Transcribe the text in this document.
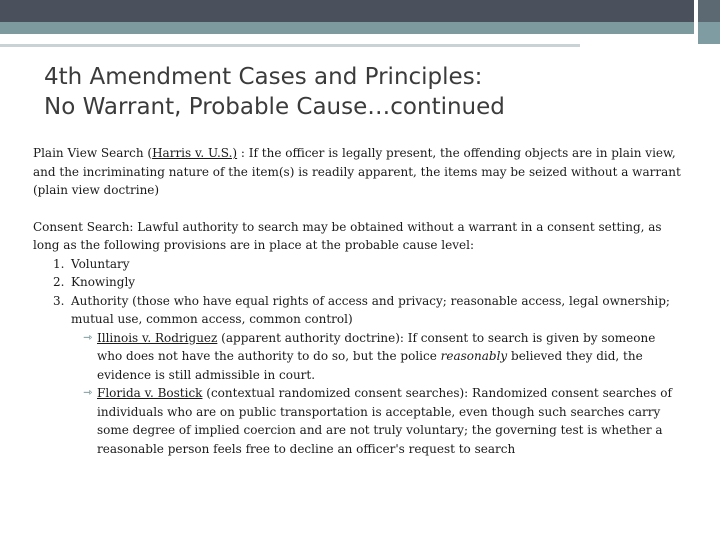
4th Amendment Cases and Principles:
No Warrant, Probable Cause…continued

Plain View Search (Harris v. U.S.) : If the officer is legally present, the offending objects are in plain view, and the incriminating nature of the item(s) is readily apparent, the items may be seized without a warrant (plain view doctrine)

Consent Search: Lawful authority to search may be obtained without a warrant in a consent setting, as long as the following provisions are in place at the probable cause level:

1. Voluntary
2. Knowingly
3. Authority (those who have equal rights of access and privacy; reasonable access, legal ownership;
mutual use, common access, common control)
⇾ Illinois v. Rodriguez (apparent authority doctrine): If consent to search is given by someone who does not have the authority to do so, but the police reasonably believed they did, the evidence is still admissible in court.
⇾ Florida v. Bostick (contextual randomized consent searches): Randomized consent searches of individuals who are on public transportation is acceptable, even though such searches carry some degree of implied coercion and are not truly voluntary; the governing test is whether a reasonable person feels free to decline an officer's request to search
